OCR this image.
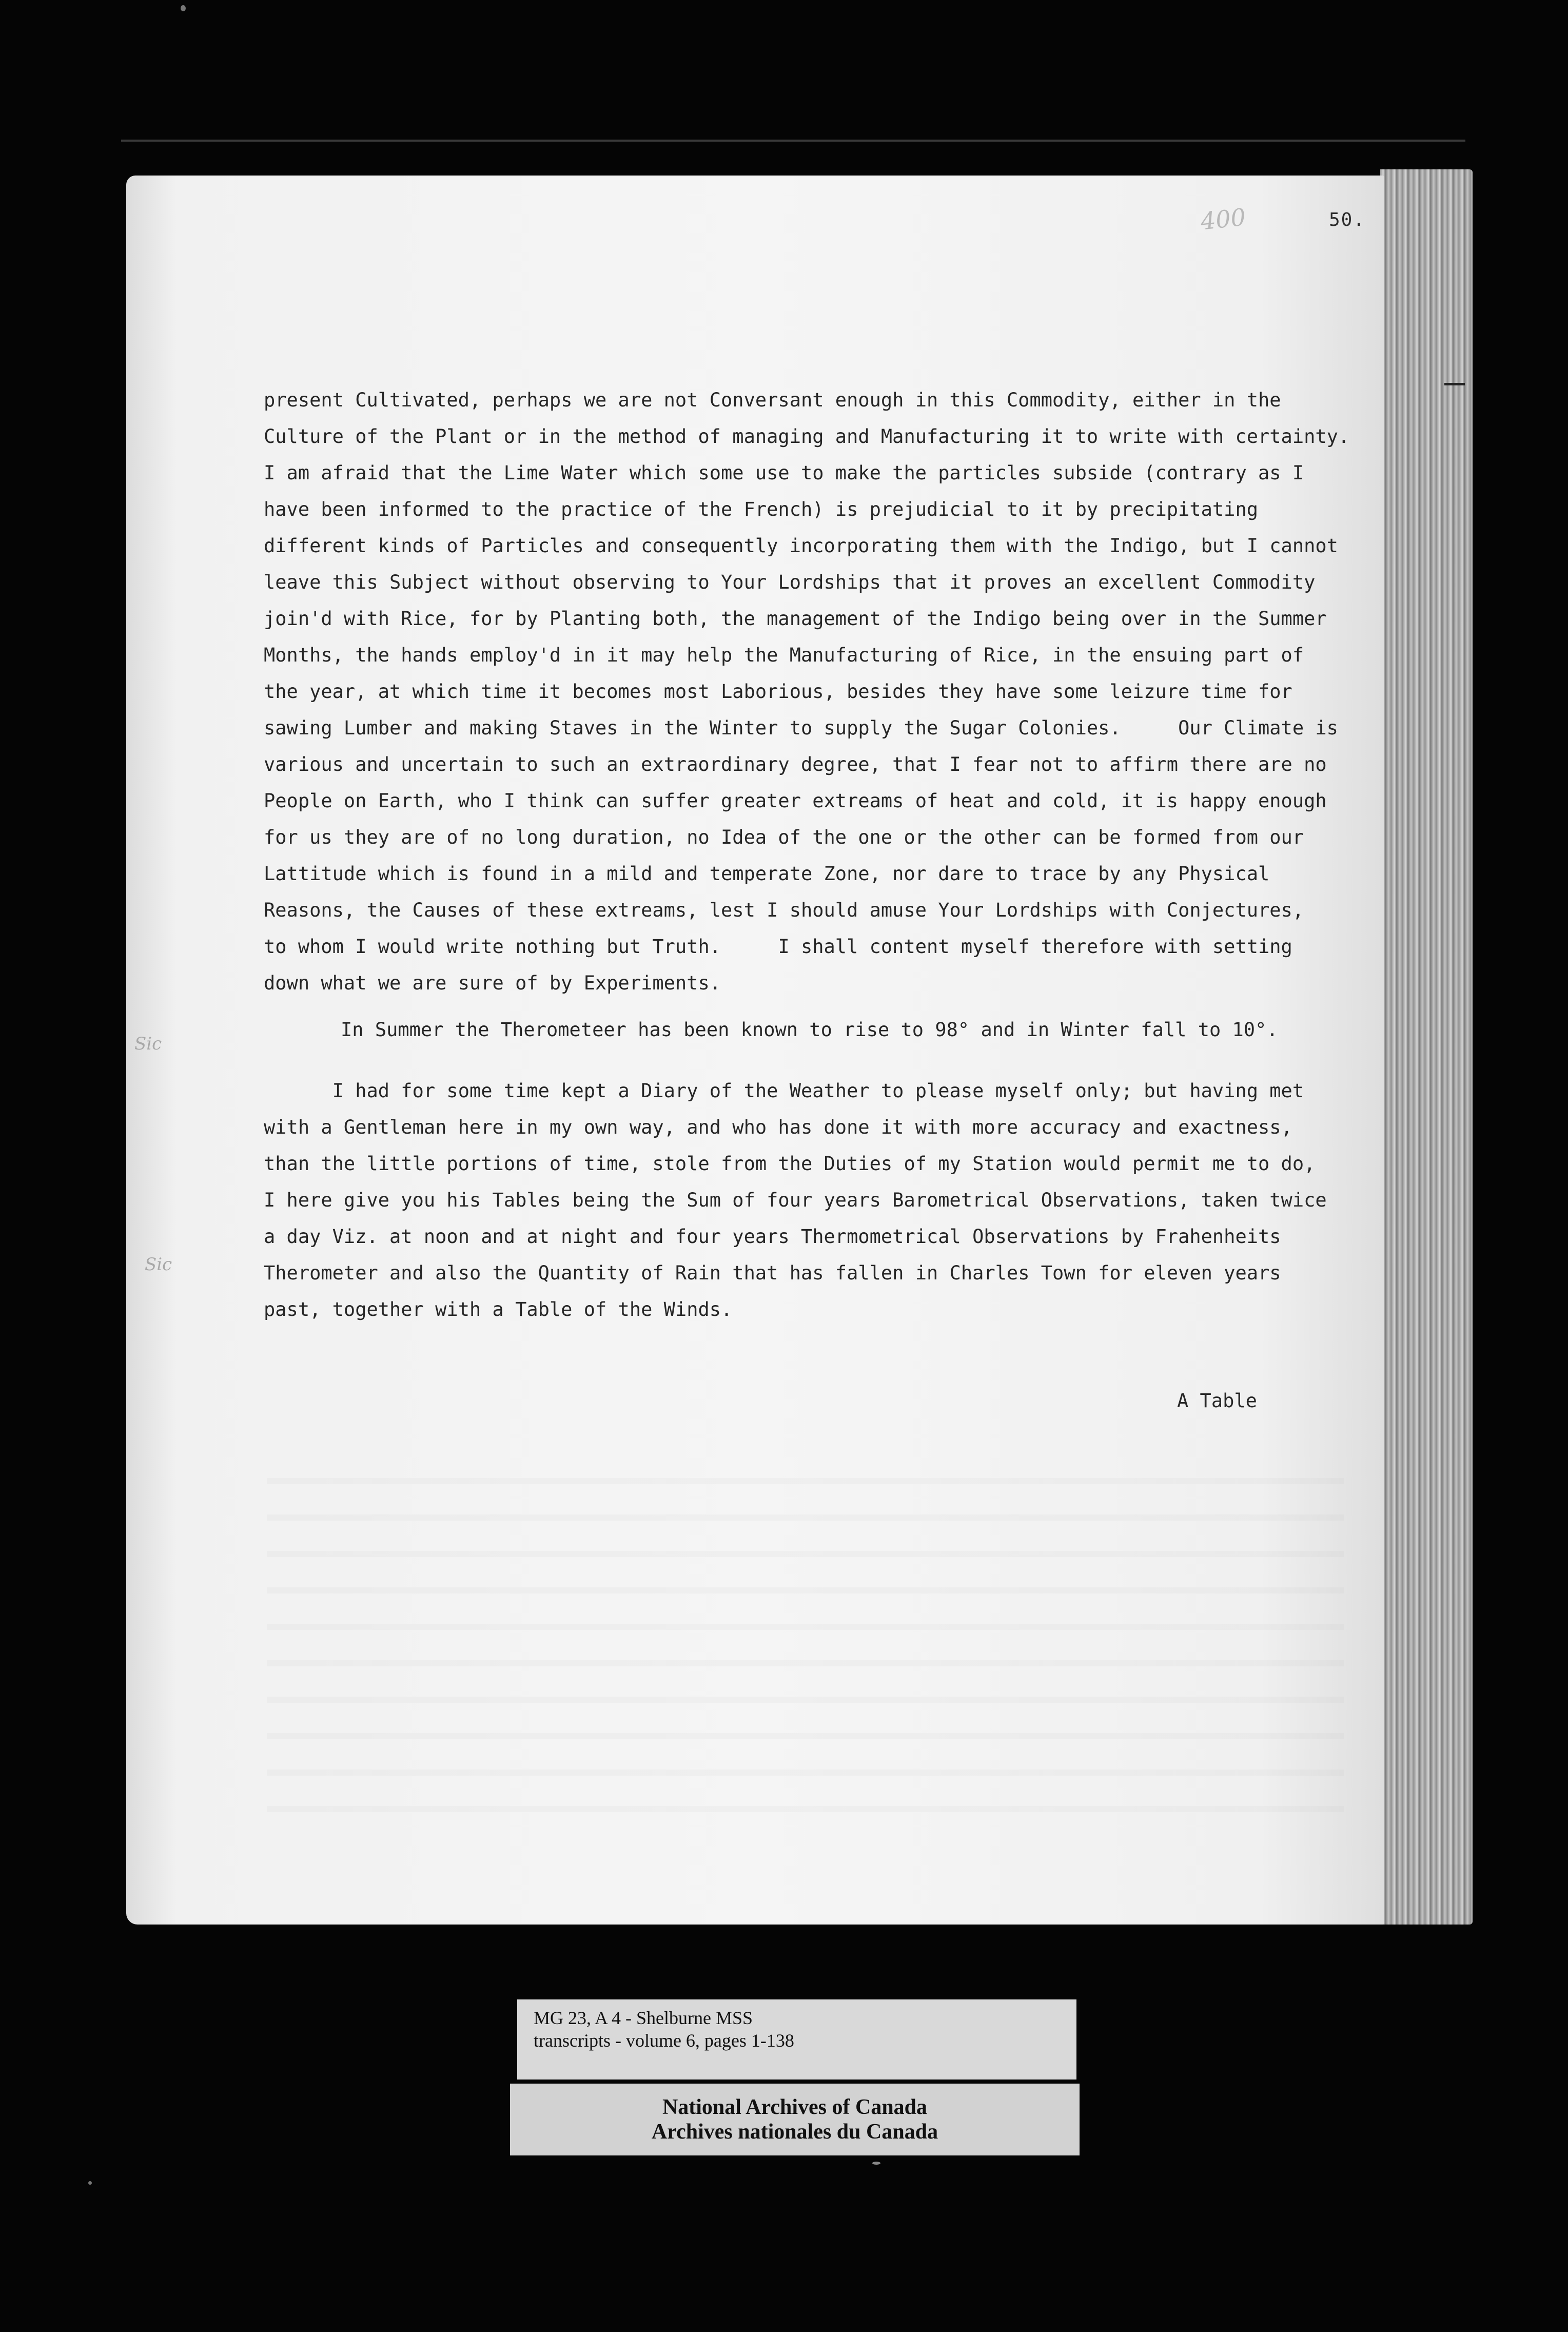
400	50.
present Cultivated, perhaps we are not Conversant enough in this Commodity, either in the
Culture of the Plant or in the method of managing and Manufacturing it to write with certainty.
I am afraid that the Lime Water which some use to make the particles subside (contrary as I
have been informed to the practice of the French) is prejudicial to it by precipitating
different kinds of Particles and consequently incorporating them with the Indigo, but I cannot
leave this Subject without observing to Your Lordships that it proves an excellent Commodity
join'd with Rice, for by Planting both, the management of the Indigo being over in the Summer
Months, the hands employ'd in it may help the Manufacturing of Rice, in the ensuing part of
the year, at which time it becomes most Laborious, besides they have some leizure time for
sawing Lumber and making Staves in the Winter to supply the Sugar Colonies.     Our Climate is
various and uncertain to such an extraordinary degree, that I fear not to affirm there are no
People on Earth, who I think can suffer greater extreams of heat and cold, it is happy enough
for us they are of no long duration, no Idea of the one or the other can be formed from our
Lattitude which is found in a mild and temperate Zone, nor dare to trace by any Physical
Reasons, the Causes of these extreams, lest I should amuse Your Lordships with Conjectures,
to whom I would write nothing but Truth.     I shall content myself therefore with setting
down what we are sure of by Experiments.
In Summer the Therometeer has been known to rise to 98° and in Winter fall to 10°.
I had for some time kept a Diary of the Weather to please myself only; but having met
with a Gentleman here in my own way, and who has done it with more accuracy and exactness,
than the little portions of time, stole from the Duties of my Station would permit me to do,
I here give you his Tables being the Sum of four years Barometrical Observations, taken twice
a day Viz. at noon and at night and four years Thermometrical Observations by Frahenheits
Therometer and also the Quantity of Rain that has fallen in Charles Town for eleven years
past, together with a Table of the Winds.
A Table
Sic
Sic
MG 23, A 4 - Shelburne MSS
transcripts - volume 6, pages 1-138
National Archives of Canada
Archives nationales du Canada
